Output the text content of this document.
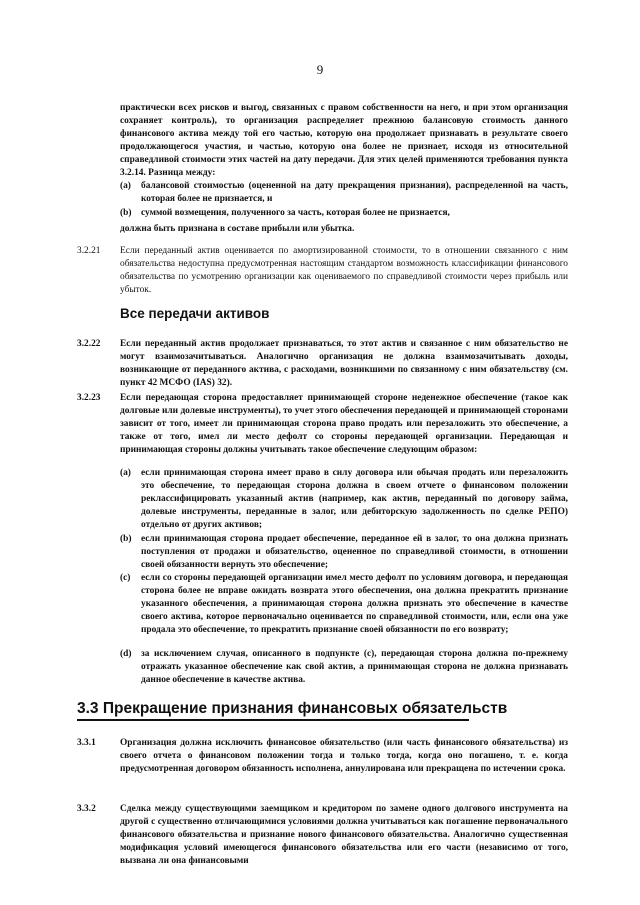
9
практически всех рисков и выгод, связанных с правом собственности на него, и при этом организация сохраняет контроль), то организация распределяет прежнюю балансовую стоимость данного финансового актива между той его частью, которую она продолжает признавать в результате своего продолжающегося участия, и частью, которую она более не признает, исходя из относительной справедливой стоимости этих частей на дату передачи. Для этих целей применяются требования пункта 3.2.14. Разница между:
(a) балансовой стоимостью (оцененной на дату прекращения признания), распределенной на часть, которая более не признается, и
(b) суммой возмещения, полученного за часть, которая более не признается,
должна быть признана в составе прибыли или убытка.
3.2.21 Если переданный актив оценивается по амортизированной стоимости, то в отношении связанного с ним обязательства недоступна предусмотренная настоящим стандартом возможность классификации финансового обязательства по усмотрению организации как оцениваемого по справедливой стоимости через прибыль или убыток.
Все передачи активов
3.2.22 Если переданный актив продолжает признаваться, то этот актив и связанное с ним обязательство не могут взаимозачитываться. Аналогично организация не должна взаимозачитывать доходы, возникающие от переданного актива, с расходами, возникшими по связанному с ним обязательству (см. пункт 42 МСФО (IAS) 32).
3.2.23 Если передающая сторона предоставляет принимающей стороне неденежное обеспечение (такое как долговые или долевые инструменты), то учет этого обеспечения передающей и принимающей сторонами зависит от того, имеет ли принимающая сторона право продать или перезаложить это обеспечение, а также от того, имел ли место дефолт со стороны передающей организации. Передающая и принимающая стороны должны учитывать такое обеспечение следующим образом:
(a) если принимающая сторона имеет право в силу договора или обычая продать или перезаложить это обеспечение, то передающая сторона должна в своем отчете о финансовом положении реклассифицировать указанный актив (например, как актив, переданный по договору займа, долевые инструменты, переданные в залог, или дебиторскую задолженность по сделке РЕПО) отдельно от других активов;
(b) если принимающая сторона продает обеспечение, переданное ей в залог, то она должна признать поступления от продажи и обязательство, оцененное по справедливой стоимости, в отношении своей обязанности вернуть это обеспечение;
(c) если со стороны передающей организации имел место дефолт по условиям договора, и передающая сторона более не вправе ожидать возврата этого обеспечения, она должна прекратить признание указанного обеспечения, а принимающая сторона должна признать это обеспечение в качестве своего актива, которое первоначально оценивается по справедливой стоимости, или, если она уже продала это обеспечение, то прекратить признание своей обязанности по его возврату;
(d) за исключением случая, описанного в подпункте (c), передающая сторона должна по-прежнему отражать указанное обеспечение как свой актив, а принимающая сторона не должна признавать данное обеспечение в качестве актива.
3.3 Прекращение признания финансовых обязательств
3.3.1	Организация должна исключить финансовое обязательство (или часть финансового обязательства) из своего отчета о финансовом положении тогда и только тогда, когда оно погашено, т. е. когда предусмотренная договором обязанность исполнена, аннулирована или прекращена по истечении срока.
3.3.2	Сделка между существующими заемщиком и кредитором по замене одного долгового инструмента на другой с существенно отличающимися условиями должна учитываться как погашение первоначального финансового обязательства и признание нового финансового обязательства. Аналогично существенная модификация условий имеющегося финансового обязательства или его части (независимо от того, вызвана ли она финансовыми
